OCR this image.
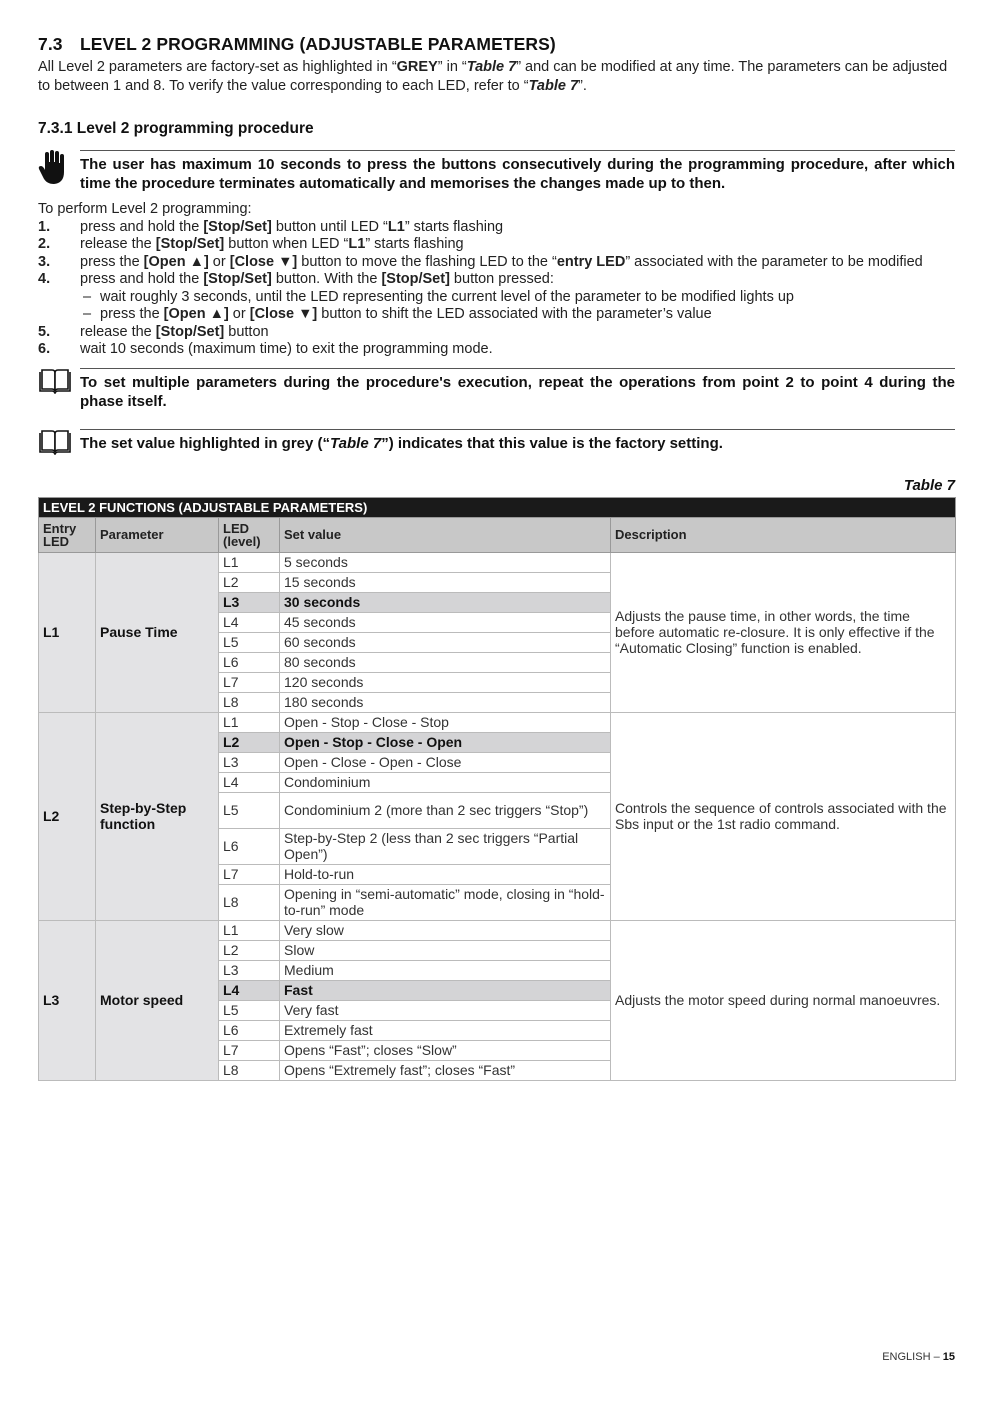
7.3 LEVEL 2 PROGRAMMING (ADJUSTABLE PARAMETERS)

All Level 2 parameters are factory-set as highlighted in “GREY” in “Table 7” and can be modified at any time. The parameters can be adjusted to between 1 and 8. To verify the value corresponding to each LED, refer to “Table 7”.

7.3.1 Level 2 programming procedure
The user has maximum 10 seconds to press the buttons consecutively during the programming procedure, after which time the procedure terminates automatically and memorises the changes made up to then.

To perform Level 2 programming:

1.	press and hold the [Stop/Set] button until LED “L1” starts flashing
2.	release the [Stop/Set] button when LED “L1” starts flashing
3.	press the [Open ▲] or [Close ▼] button to move the flashing LED to the “entry LED” associated with the parameter to be modified
4.	press and hold the [Stop/Set] button. With the [Stop/Set] button pressed:
– wait roughly 3 seconds, until the LED representing the current level of the parameter to be modified lights up
– press the [Open ▲] or [Close ▼] button to shift the LED associated with the parameter’s value
5.	release the [Stop/Set] button
6.	wait 10 seconds (maximum time) to exit the programming mode.
To set multiple parameters during the procedure's execution, repeat the operations from point 2 to point 4 during the phase itself.
The set value highlighted in grey (“Table 7”) indicates that this value is the factory setting.
Table 7
LEVEL 2 FUNCTIONS (ADJUSTABLE PARAMETERS)				
Entry LED	Parameter	LED (level)	Set value	Description
L1	Pause Time	L1	5 seconds	Adjusts the pause time, in other words, the time before automatic re-closure. It is only effective if the “Automatic Closing” function is enabled.
		L2	15 seconds	
		L3	30 seconds	
		L4	45 seconds	
		L5	60 seconds	
		L6	80 seconds	
		L7	120 seconds	
		L8	180 seconds	
L2	Step-by-Step function	L1	Open - Stop - Close - Stop	Controls the sequence of controls associated with the Sbs input or the 1st radio command.
		L2	Open - Stop - Close - Open	
		L3	Open - Close - Open - Close	
		L4	Condominium	
		L5	Condominium 2 (more than 2 sec triggers “Stop”)	
		L6	Step-by-Step 2 (less than 2 sec triggers “Partial Open”)	
		L7	Hold-to-run	
		L8	Opening in “semi-automatic” mode, closing in “hold-to-run” mode	
L3	Motor speed	L1	Very slow	Adjusts the motor speed during normal manoeuvres.
		L2	Slow	
		L3	Medium	
		L4	Fast	
		L5	Very fast	
		L6	Extremely fast	
		L7	Opens “Fast”; closes “Slow”	
		L8	Opens “Extremely fast”; closes “Fast”	
ENGLISH – 15
